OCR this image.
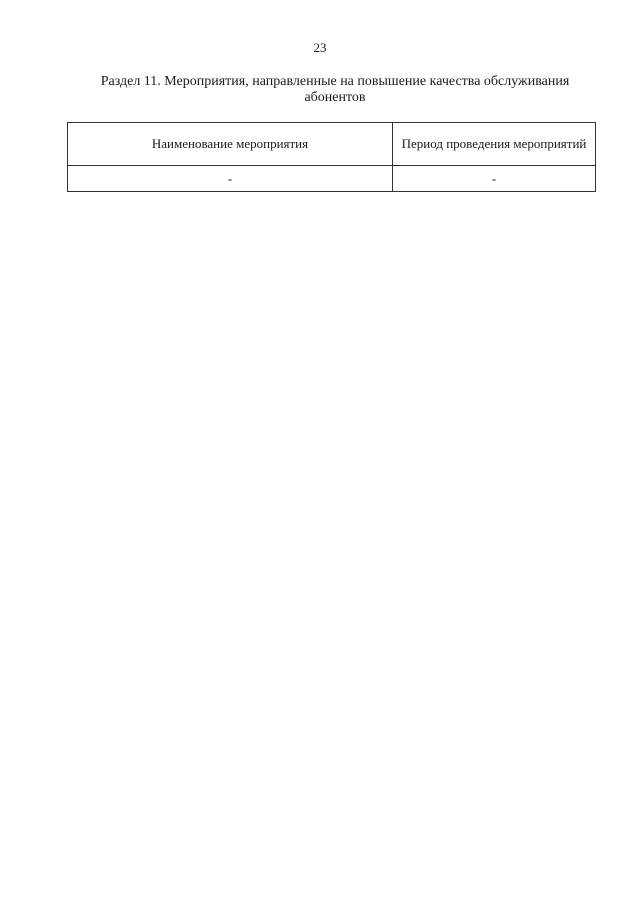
23
Раздел 11. Мероприятия, направленные на повышение качества обслуживания абонентов
Наименование мероприятия	Период проведения мероприятий
-	-
